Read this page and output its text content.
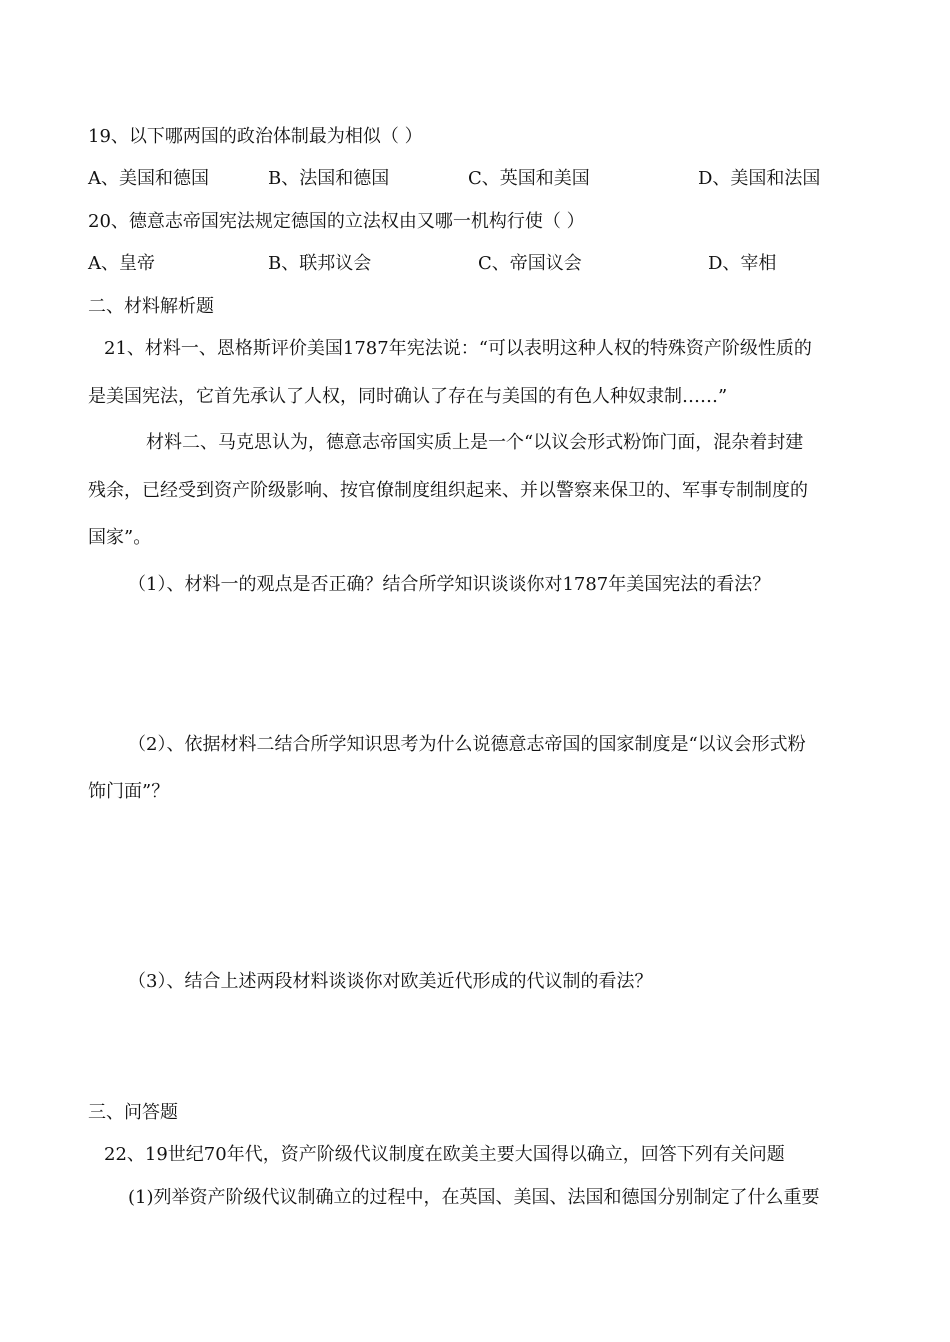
19、以下哪两国的政治体制最为相似（ ）
A、美国和德国	B、法国和德国	C、英国和美国	D、美国和法国
20、德意志帝国宪法规定德国的立法权由又哪一机构行使（ ）
A、皇帝	B、联邦议会	C、帝国议会	D、宰相
二、材料解析题
21、材料一、恩格斯评价美国1787年宪法说：“可以表明这种人权的特殊资产阶级性质的
是美国宪法，它首先承认了人权，同时确认了存在与美国的有色人种奴隶制……”
材料二、马克思认为，德意志帝国实质上是一个“以议会形式粉饰门面，混杂着封建
残余，已经受到资产阶级影响、按官僚制度组织起来、并以警察来保卫的、军事专制制度的
国家”。
（1）、材料一的观点是否正确？结合所学知识谈谈你对1787年美国宪法的看法？
（2）、依据材料二结合所学知识思考为什么说德意志帝国的国家制度是“以议会形式粉
饰门面”？
（3）、结合上述两段材料谈谈你对欧美近代形成的代议制的看法？
三、问答题
22、19世纪70年代，资产阶级代议制度在欧美主要大国得以确立，回答下列有关问题
(1)列举资产阶级代议制确立的过程中，在英国、美国、法国和德国分别制定了什么重要
